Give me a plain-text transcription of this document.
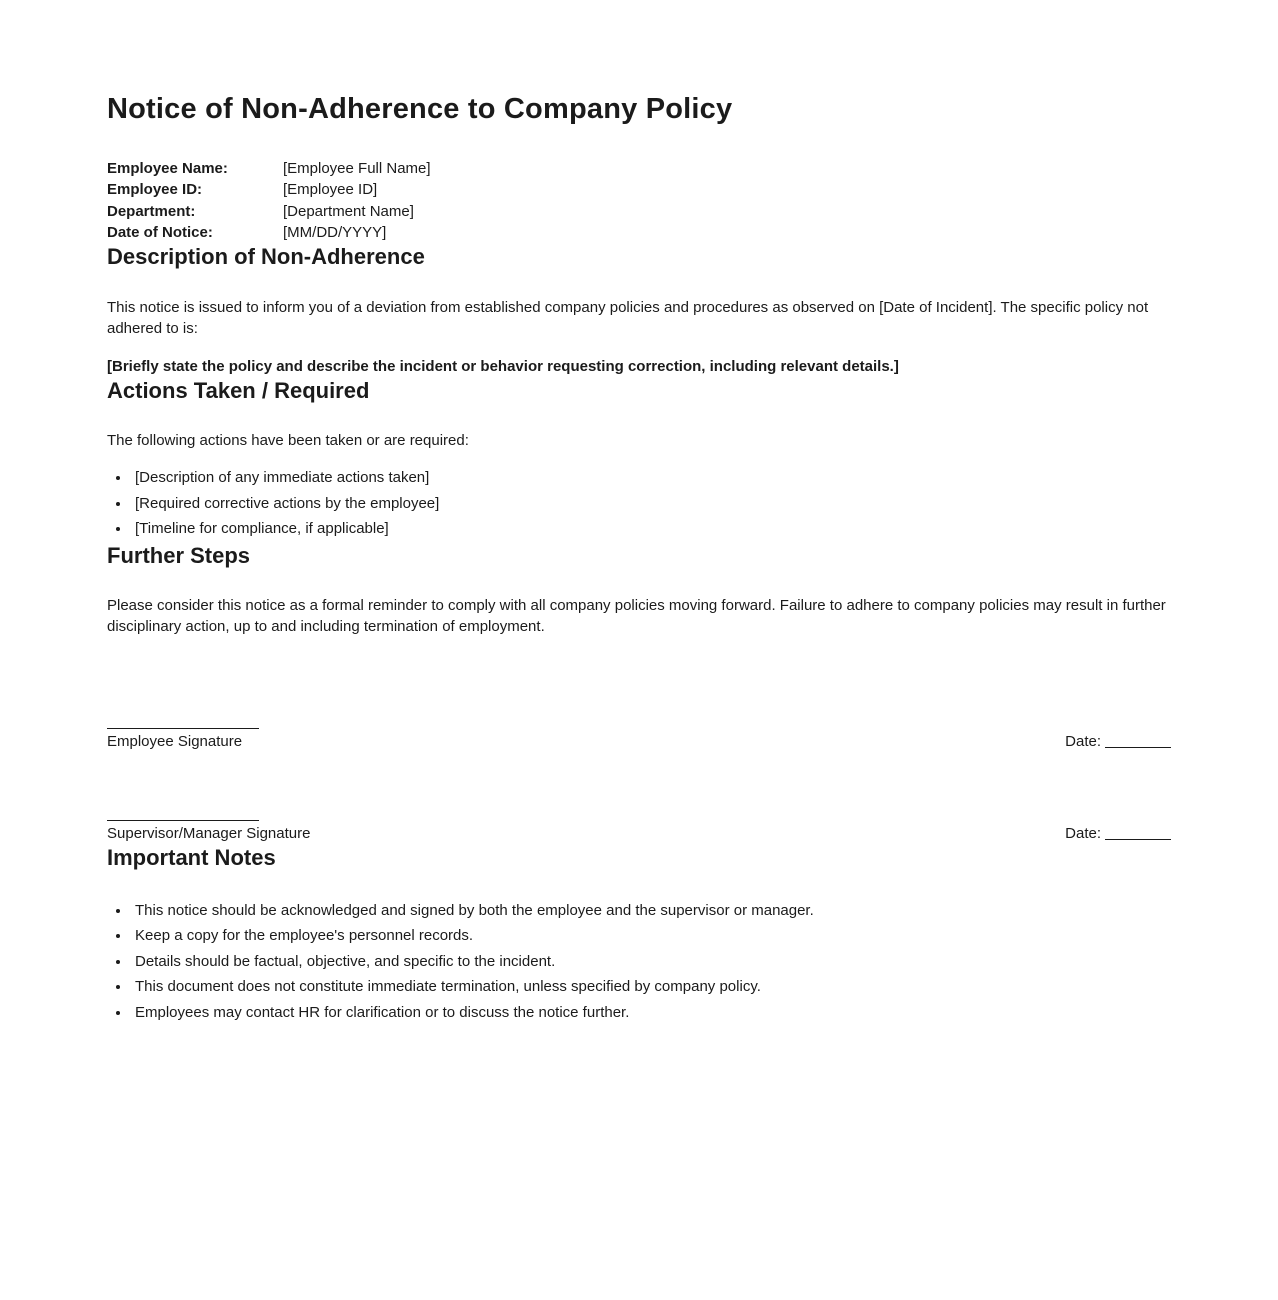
Notice of Non-Adherence to Company Policy
Employee Name:	[Employee Full Name]
Employee ID:	[Employee ID]
Department:	[Department Name]
Date of Notice:	[MM/DD/YYYY]
Description of Non-Adherence

This notice is issued to inform you of a deviation from established company policies and procedures as observed on [Date of Incident]. The specific policy not adhered to is:

[Briefly state the policy and describe the incident or behavior requesting correction, including relevant details.]

Actions Taken / Required

The following actions have been taken or are required:

• [Description of any immediate actions taken]
• [Required corrective actions by the employee]
• [Timeline for compliance, if applicable]
Further Steps

Please consider this notice as a formal reminder to comply with all company policies moving forward. Failure to adhere to company policies may result in further disciplinary action, up to and including termination of employment.

Employee Signature	Date:
Supervisor/Manager Signature	Date:
Important Notes
• This notice should be acknowledged and signed by both the employee and the supervisor or manager.
• Keep a copy for the employee's personnel records.
• Details should be factual, objective, and specific to the incident.
• This document does not constitute immediate termination, unless specified by company policy.
• Employees may contact HR for clarification or to discuss the notice further.
